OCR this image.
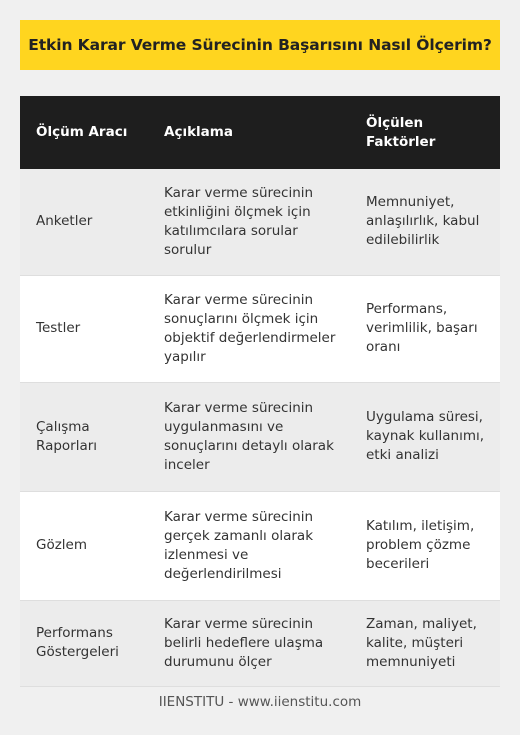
Etkin Karar Verme Sürecinin Başarısını Nasıl Ölçerim?
Ölçüm Aracı	Açıklama	Ölçülen Faktörler
Anketler	Karar verme sürecinin etkinliğini ölçmek için katılımcılara sorular sorulur	Memnuniyet, anlaşılırlık, kabul edilebilirlik
Testler	Karar verme sürecinin sonuçlarını ölçmek için objektif değerlendirmeler yapılır	Performans, verimlilik, başarı oranı
Çalışma Raporları	Karar verme sürecinin uygulanmasını ve sonuçlarını detaylı olarak inceler	Uygulama süresi, kaynak kullanımı, etki analizi
Gözlem	Karar verme sürecinin gerçek zamanlı olarak izlenmesi ve değerlendirilmesi	Katılım, iletişim, problem çözme becerileri
Performans Göstergeleri	Karar verme sürecinin belirli hedeflere ulaşma durumunu ölçer	Zaman, maliyet, kalite, müşteri memnuniyeti
IIENSTITU - www.iienstitu.com
